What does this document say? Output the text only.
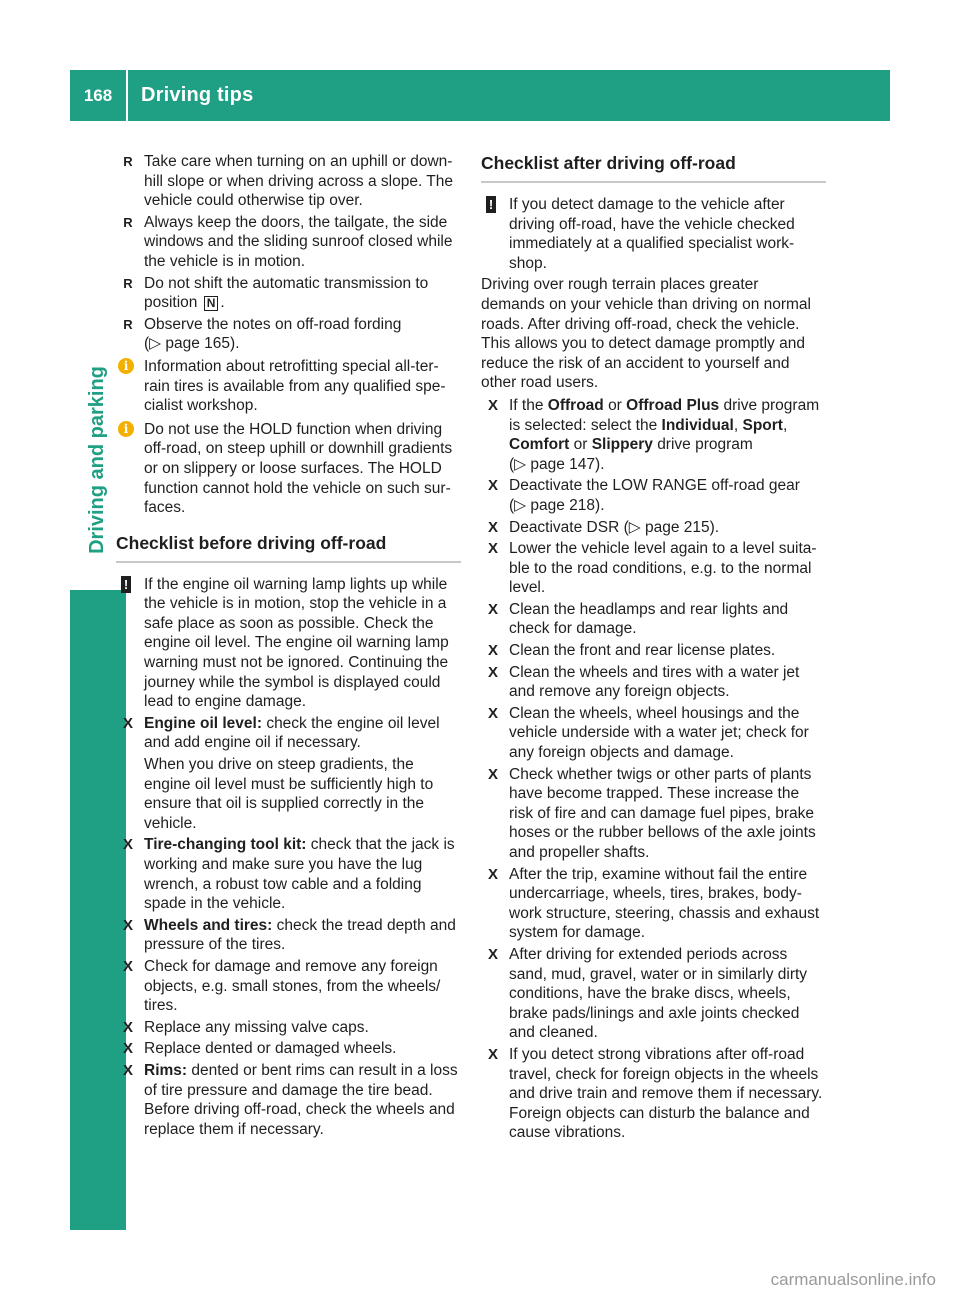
168	Driving tips
Driving and parking
R Take care when turning on an uphill or down-hill slope or when driving across a slope. The vehicle could otherwise tip over.

R Always keep the doors, the tailgate, the side windows and the sliding sunroof closed while the vehicle is in motion.

R Do not shift the automatic transmission to position N .

R Observe the notes on off-road fording
(▷ page 165).

i	Information about retrofitting special all-ter-rain tires is available from any qualified spe-cialist workshop.

i	Do not use the HOLD function when driving off-road, on steep uphill or downhill gradients or on slippery or loose surfaces. The HOLD function cannot hold the vehicle on such sur-faces.

Checklist before driving off-road
! If the engine oil warning lamp lights up while the vehicle is in motion, stop the vehicle in a safe place as soon as possible. Check the engine oil level. The engine oil warning lamp warning must not be ignored. Continuing the journey while the symbol is displayed could lead to engine damage.

X Engine oil level: check the engine oil level and add engine oil if necessary.

When you drive on steep gradients, the engine oil level must be sufficiently high to ensure that oil is supplied correctly in the vehicle.

X Tire-changing tool kit: check that the jack is working and make sure you have the lug wrench, a robust tow cable and a folding spade in the vehicle.

X Wheels and tires: check the tread depth and pressure of the tires.

X Check for damage and remove any foreign objects, e.g. small stones, from the wheels/ tires.

X Replace any missing valve caps.

X Replace dented or damaged wheels.

X Rims: dented or bent rims can result in a loss of tire pressure and damage the tire bead. Before driving off-road, check the wheels and replace them if necessary.

Checklist after driving off-road
! If you detect damage to the vehicle after driving off-road, have the vehicle checked immediately at a qualified specialist work-shop.

Driving over rough terrain places greater demands on your vehicle than driving on normal roads. After driving off-road, check the vehicle. This allows you to detect damage promptly and reduce the risk of an accident to yourself and other road users.

X If the Offroad or Offroad Plus drive program is selected: select the Individual, Sport, Comfort or Slippery drive program
(▷ page 147).

X Deactivate the LOW RANGE off-road gear
(▷ page 218).

X Deactivate DSR (▷ page 215).

X Lower the vehicle level again to a level suita-ble to the road conditions, e.g. to the normal level.

X Clean the headlamps and rear lights and check for damage.

X Clean the front and rear license plates.

X Clean the wheels and tires with a water jet and remove any foreign objects.

X Clean the wheels, wheel housings and the vehicle underside with a water jet; check for any foreign objects and damage.

X Check whether twigs or other parts of plants have become trapped. These increase the risk of fire and can damage fuel pipes, brake hoses or the rubber bellows of the axle joints and propeller shafts.

X After the trip, examine without fail the entire undercarriage, wheels, tires, brakes, body-work structure, steering, chassis and exhaust system for damage.

X After driving for extended periods across sand, mud, gravel, water or in similarly dirty conditions, have the brake discs, wheels, brake pads/linings and axle joints checked and cleaned.

X If you detect strong vibrations after off-road travel, check for foreign objects in the wheels and drive train and remove them if necessary. Foreign objects can disturb the balance and cause vibrations.

carmanualsonline.info
